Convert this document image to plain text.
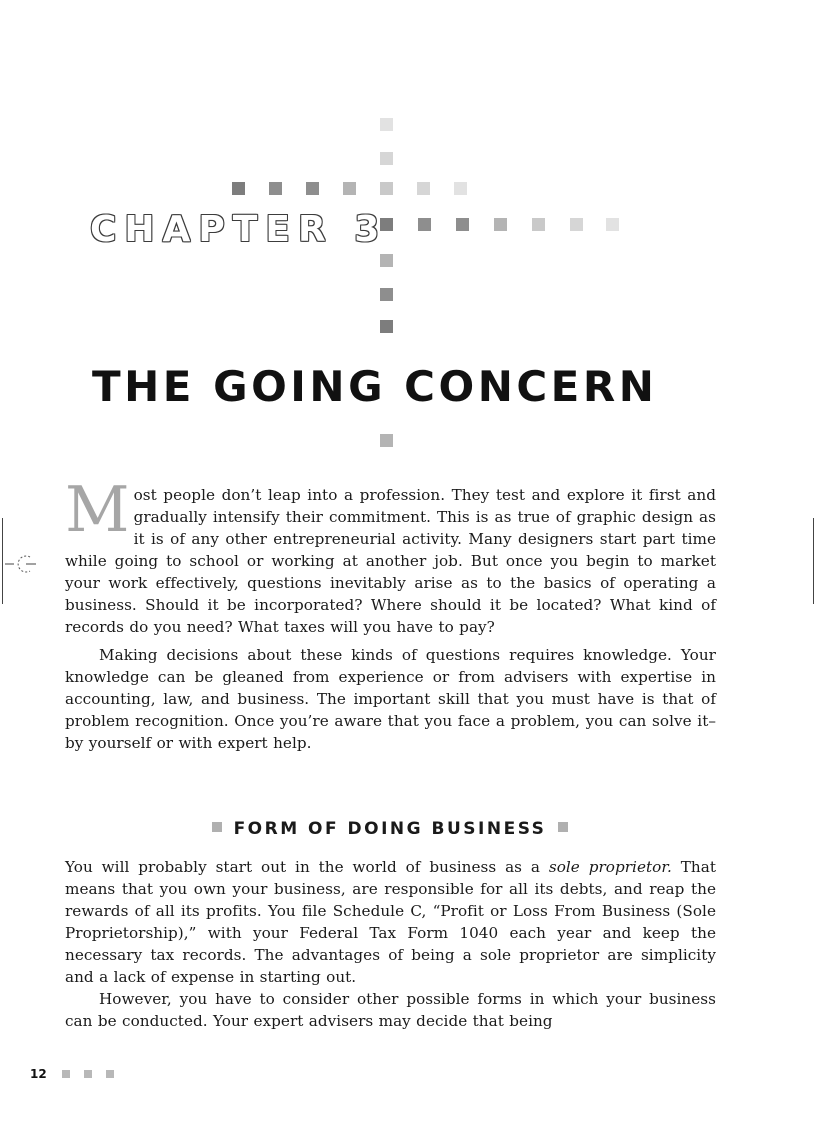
CHAPTER 3
THE GOING CONCERN

Most people don’t leap into a profession. They test and explore it first and gradually intensify their commitment. This is as true of graphic design as it is of any other entrepreneurial activity. Many designers start part time while going to school or working at another job. But once you begin to market your work effectively, questions inevitably arise as to the basics of operating a business. Should it be incorporated? Where should it be located? What kind of records do you need? What taxes will you have to pay?

Making decisions about these kinds of questions requires knowledge. Your knowledge can be gleaned from experience or from advisers with expertise in accounting, law, and business. The important skill that you must have is that of problem recognition. Once you’re aware that you face a problem, you can solve it–by yourself or with expert help.

FORM OF DOING BUSINESS

You will probably start out in the world of business as a sole proprietor. That means that you own your business, are responsible for all its debts, and reap the rewards of all its profits. You file Schedule C, “Profit or Loss From Business (Sole Proprietorship),” with your Federal Tax Form 1040 each year and keep the necessary tax records. The advantages of being a sole proprietor are simplicity and a lack of expense in starting out.

However, you have to consider other possible forms in which your business can be conducted. Your expert advisers may decide that being

12
